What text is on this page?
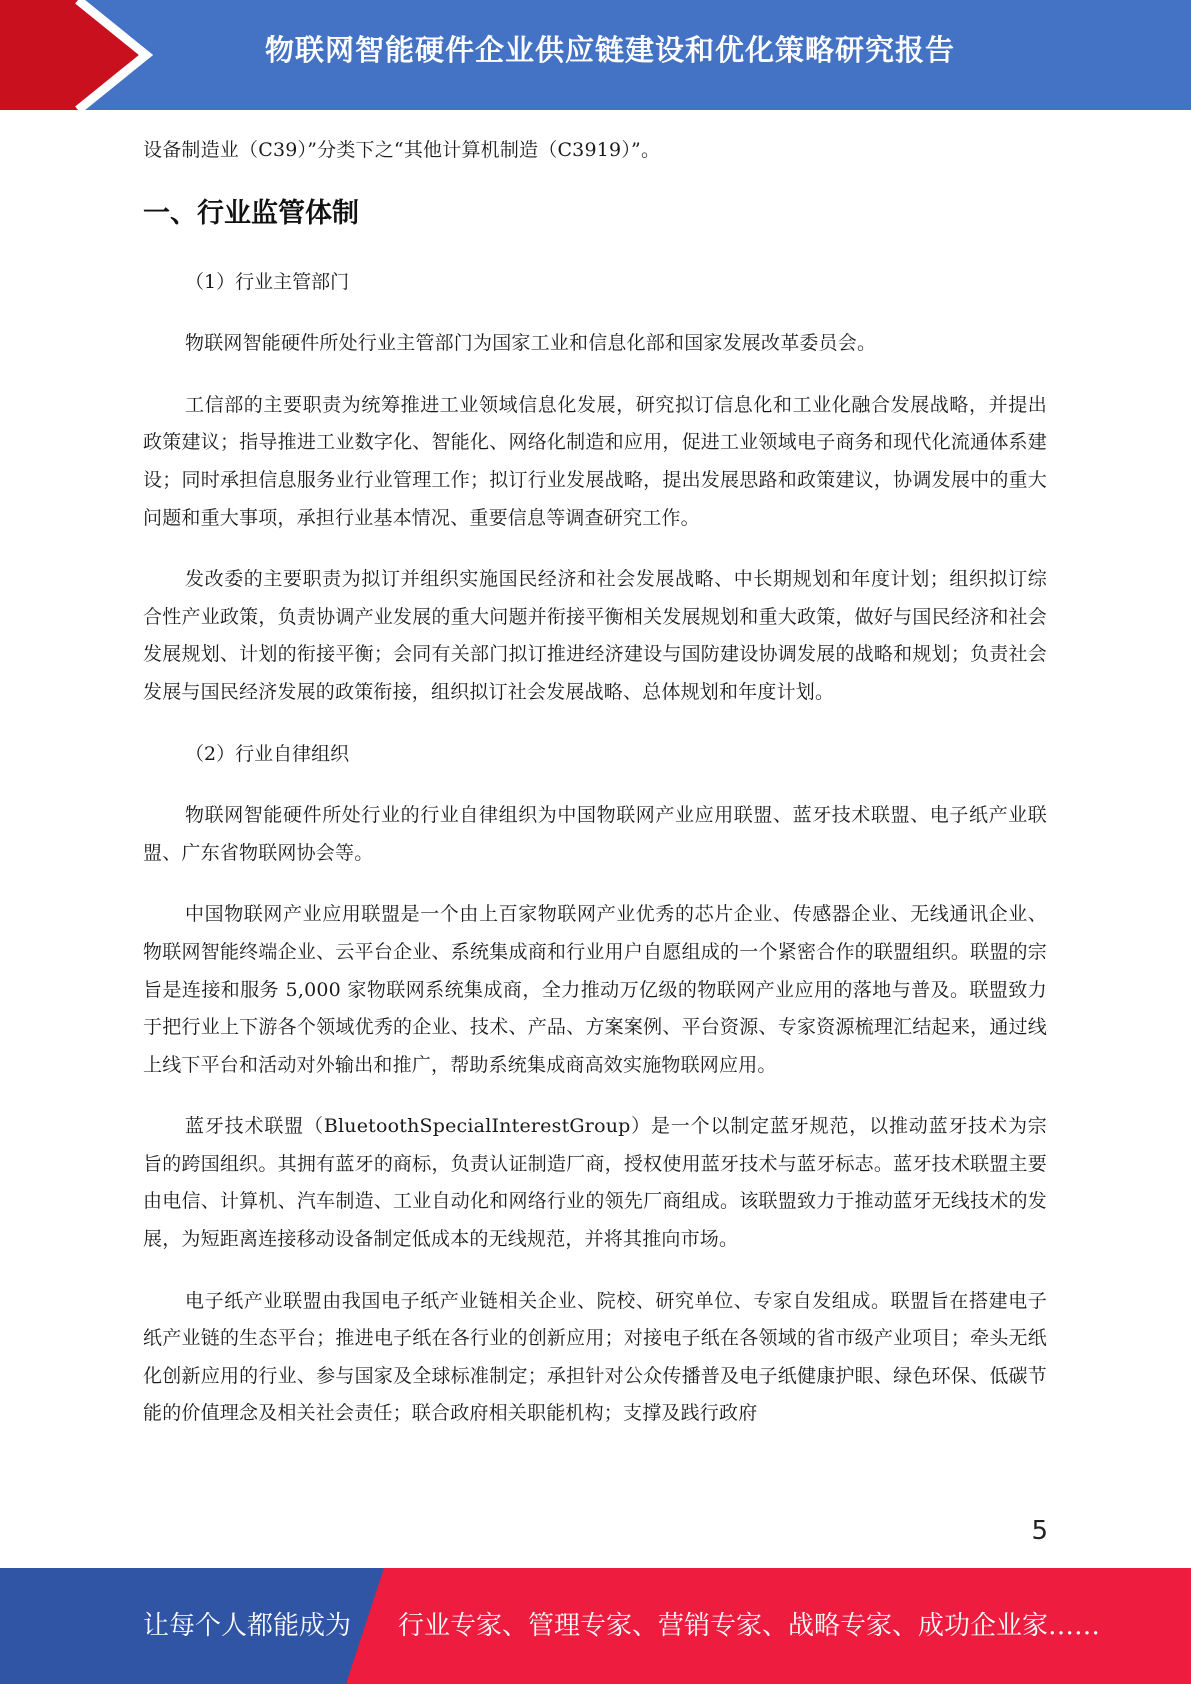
物联网智能硬件企业供应链建设和优化策略研究报告
设备制造业（C39）”分类下之“其他计算机制造（C3919）”。
一、行业监管体制
（1）行业主管部门
物联网智能硬件所处行业主管部门为国家工业和信息化部和国家发展改革委员会。
工信部的主要职责为统筹推进工业领域信息化发展，研究拟订信息化和工业化融合发展战略，并提出政策建议；指导推进工业数字化、智能化、网络化制造和应用，促进工业领域电子商务和现代化流通体系建设；同时承担信息服务业行业管理工作；拟订行业发展战略，提出发展思路和政策建议，协调发展中的重大问题和重大事项，承担行业基本情况、重要信息等调查研究工作。
发改委的主要职责为拟订并组织实施国民经济和社会发展战略、中长期规划和年度计划；组织拟订综合性产业政策，负责协调产业发展的重大问题并衔接平衡相关发展规划和重大政策，做好与国民经济和社会发展规划、计划的衔接平衡；会同有关部门拟订推进经济建设与国防建设协调发展的战略和规划；负责社会发展与国民经济发展的政策衔接，组织拟订社会发展战略、总体规划和年度计划。
（2）行业自律组织
物联网智能硬件所处行业的行业自律组织为中国物联网产业应用联盟、蓝牙技术联盟、电子纸产业联盟、广东省物联网协会等。
中国物联网产业应用联盟是一个由上百家物联网产业优秀的芯片企业、传感器企业、无线通讯企业、物联网智能终端企业、云平台企业、系统集成商和行业用户自愿组成的一个紧密合作的联盟组织。联盟的宗旨是连接和服务 5,000 家物联网系统集成商，全力推动万亿级的物联网产业应用的落地与普及。联盟致力于把行业上下游各个领域优秀的企业、技术、产品、方案案例、平台资源、专家资源梳理汇结起来，通过线上线下平台和活动对外输出和推广，帮助系统集成商高效实施物联网应用。
蓝牙技术联盟（BluetoothSpecialInterestGroup）是一个以制定蓝牙规范，以推动蓝牙技术为宗旨的跨国组织。其拥有蓝牙的商标，负责认证制造厂商，授权使用蓝牙技术与蓝牙标志。蓝牙技术联盟主要由电信、计算机、汽车制造、工业自动化和网络行业的领先厂商组成。该联盟致力于推动蓝牙无线技术的发展，为短距离连接移动设备制定低成本的无线规范，并将其推向市场。
电子纸产业联盟由我国电子纸产业链相关企业、院校、研究单位、专家自发组成。联盟旨在搭建电子纸产业链的生态平台；推进电子纸在各行业的创新应用；对接电子纸在各领域的省市级产业项目；牵头无纸化创新应用的行业、参与国家及全球标准制定；承担针对公众传播普及电子纸健康护眼、绿色环保、低碳节能的价值理念及相关社会责任；联合政府相关职能机构；支撑及践行政府
5
让每个人都能成为 行业专家、管理专家、营销专家、战略专家、成功企业家……
